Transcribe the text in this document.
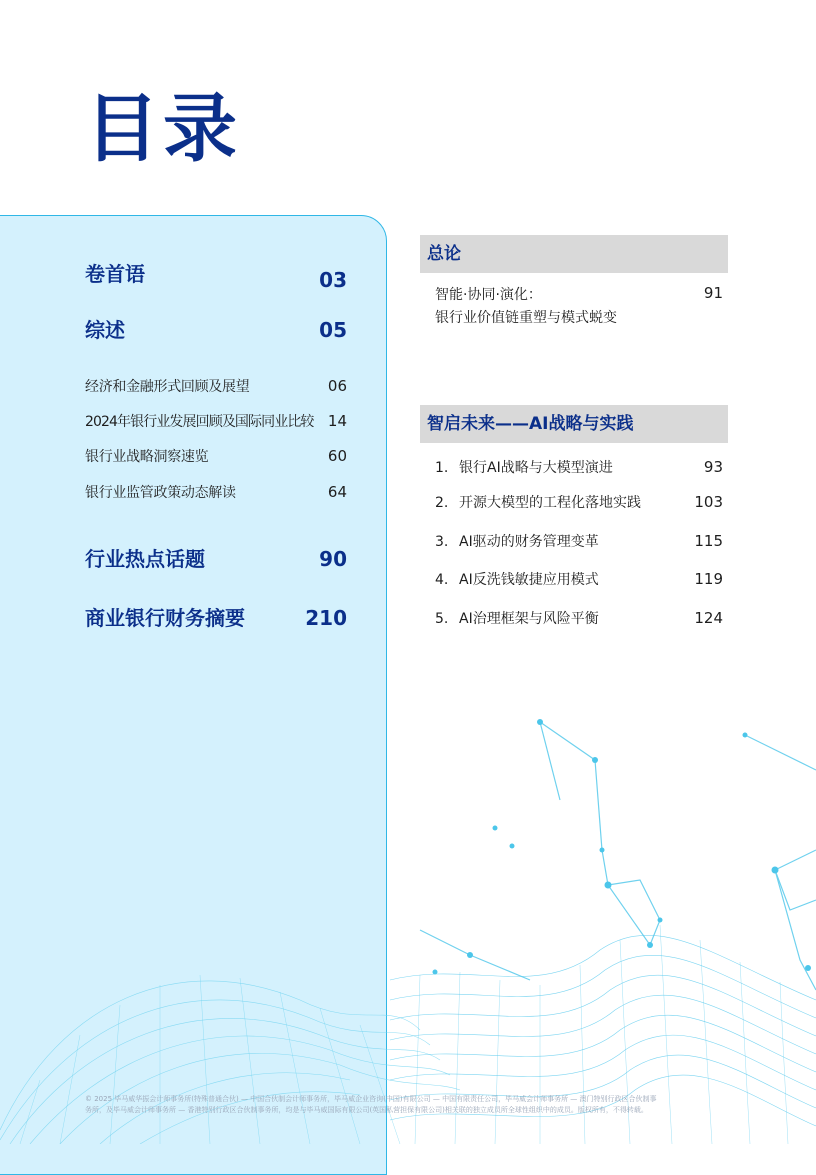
目录
卷首语	03
综述	05
经济和金融形式回顾及展望	06
2024年银行业发展回顾及国际同业比较 14
银行业战略洞察速览	60
银行业监管政策动态解读	64
行业热点话题	90
商业银行财务摘要	210
总论
智能·协同·演化：
银行业价值链重塑与模式蜕变
91
智启未来——AI战略与实践
1. 银行AI战略与大模型演进	93
2. 开源大模型的工程化落地实践	103
3. AI驱动的财务管理变革	115
4. AI反洗钱敏捷应用模式	119
5. AI治理框架与风险平衡	124
© 2025 毕马威华振会计师事务所(特殊普通合伙) — 中国合伙制会计师事务所，毕马威企业咨询(中国)有限公司 — 中国有限责任公司，毕马威会计师事务所 — 澳门特别行政区合伙制事
务所，及毕马威会计师事务所 — 香港特别行政区合伙制事务所，均是与毕马威国际有限公司(英国私营担保有限公司)相关联的独立成员所全球性组织中的成员。版权所有，不得转载。
